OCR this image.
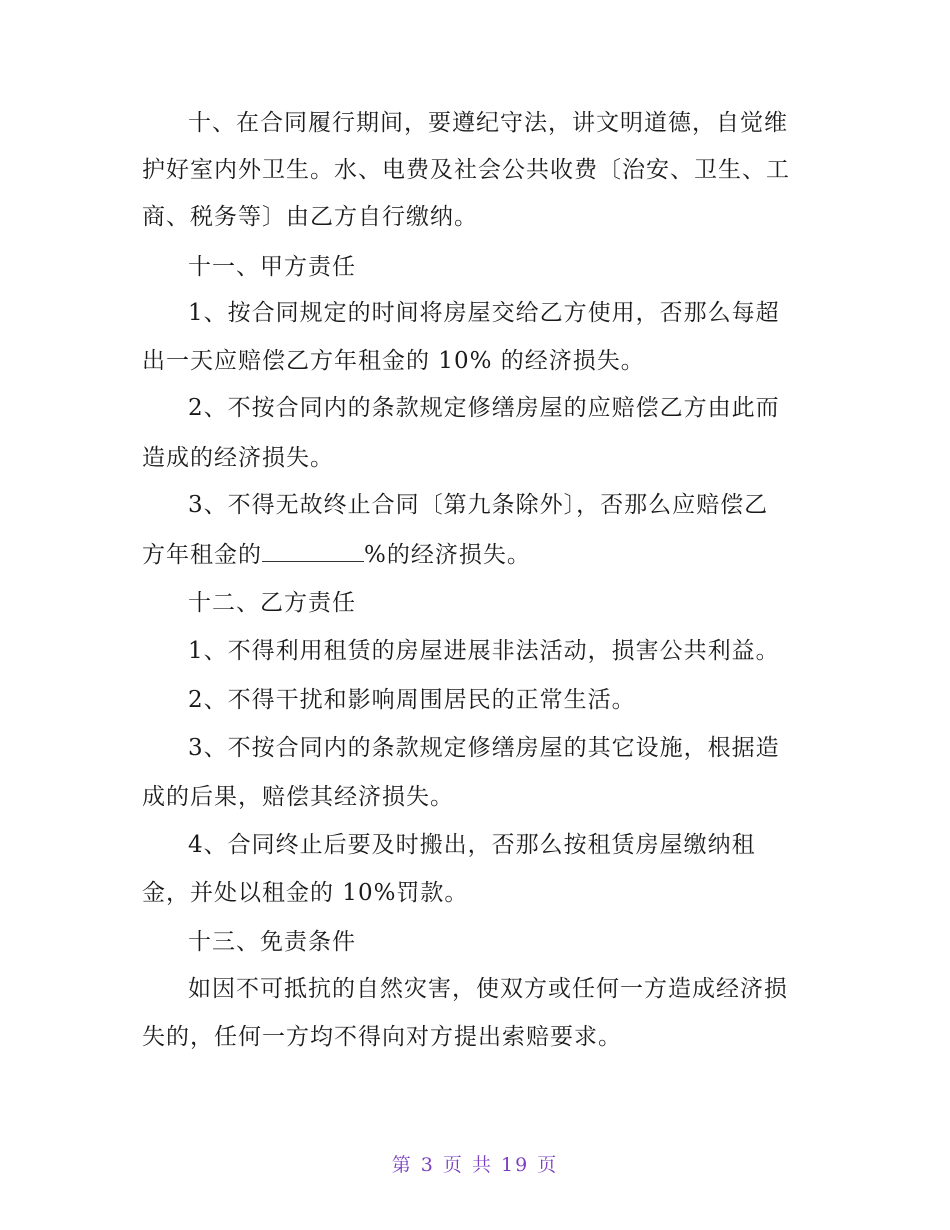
十、在合同履行期间，要遵纪守法，讲文明道德，自觉维
护好室内外卫生。水、电费及社会公共收费〔治安、卫生、工
商、税务等〕由乙方自行缴纳。
十一、甲方责任
1、按合同规定的时间将房屋交给乙方使用，否那么每超
出一天应赔偿乙方年租金的 10% 的经济损失。
2、不按合同内的条款规定修缮房屋的应赔偿乙方由此而
造成的经济损失。
3、不得无故终止合同〔第九条除外〕，否那么应赔偿乙
方年租金的	%的经济损失。
十二、乙方责任
1、不得利用租赁的房屋进展非法活动，损害公共利益。
2、不得干扰和影响周围居民的正常生活。
3、不按合同内的条款规定修缮房屋的其它设施，根据造
成的后果，赔偿其经济损失。
4、合同终止后要及时搬出，否那么按租赁房屋缴纳租
金，并处以租金的 10%罚款。
十三、免责条件
如因不可抵抗的自然灾害，使双方或任何一方造成经济损
失的，任何一方均不得向对方提出索赔要求。
第 3 页 共 19 页
